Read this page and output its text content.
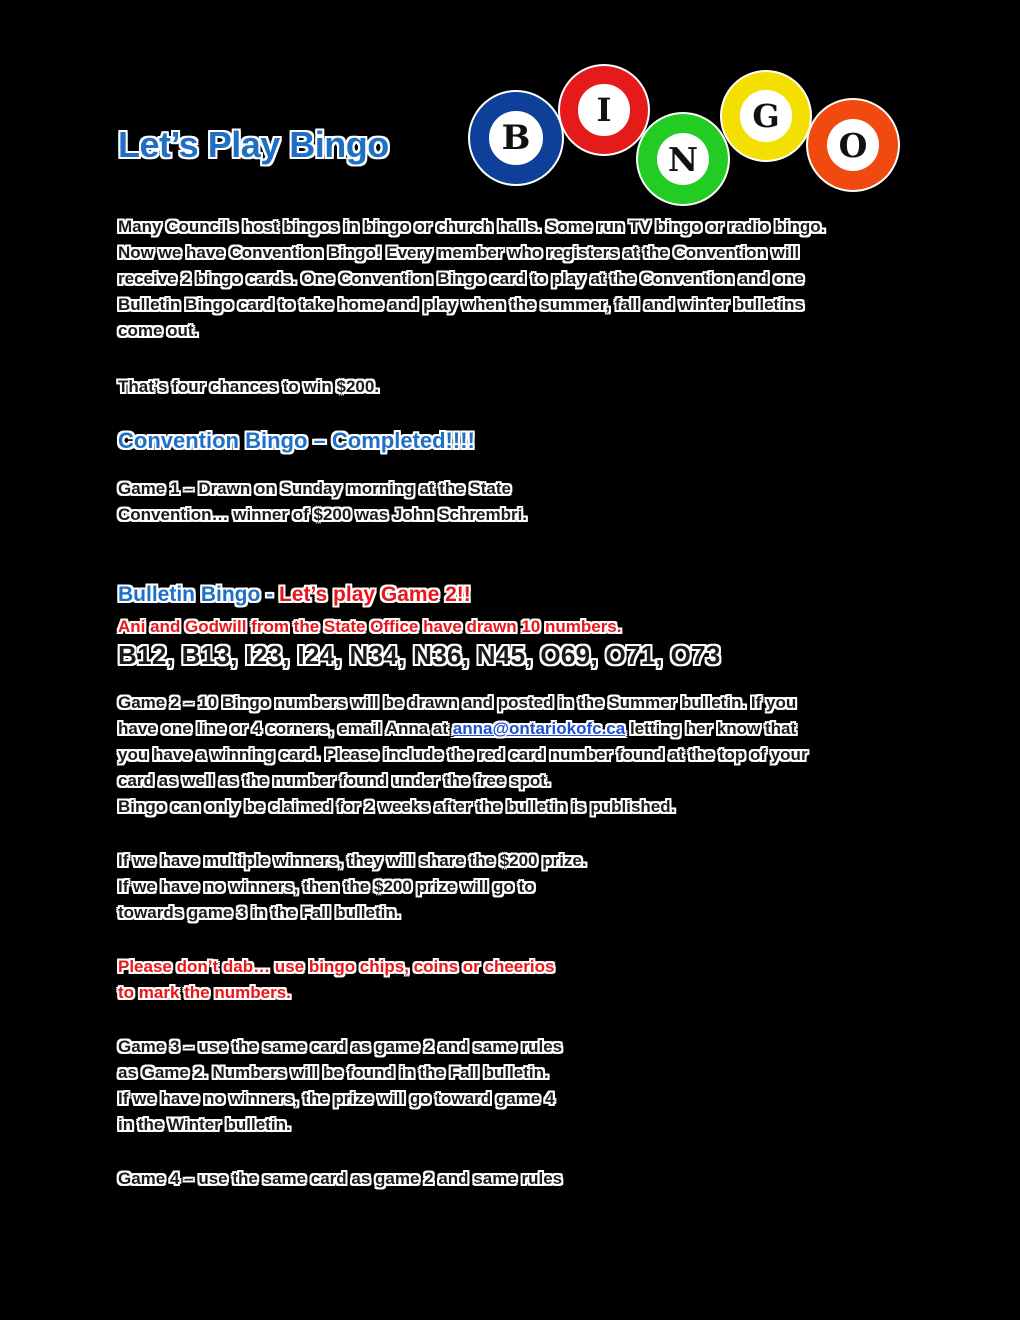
Let’s Play Bingo	B
I
N
G
O
Many Councils host bingos in bingo or church halls. Some run TV bingo or radio bingo.
Now we have Convention Bingo! Every member who registers at the Convention will
receive 2 bingo cards. One Convention Bingo card to play at the Convention and one
Bulletin Bingo card to take home and play when the summer, fall and winter bulletins
come out.
That’s four chances to win $200.
Convention Bingo – Completed!!!!
Game 1 – Drawn on Sunday morning at the State
Convention… winner of $200 was John Schrembri.
Bulletin Bingo - Let’s play Game 2!!
Ani and Godwill from the State Office have drawn 10 numbers.
B12, B13, I23, I24, N34, N36, N45, O69, O71, O73
Game 2 – 10 Bingo numbers will be drawn and posted in the Summer bulletin. If you
have one line or 4 corners, email Anna at anna@ontariokofc.ca letting her know that
you have a winning card. Please include the red card number found at the top of your
card as well as the number found under the free spot.
Bingo can only be claimed for 2 weeks after the bulletin is published.
If we have multiple winners, they will share the $200 prize.
If we have no winners, then the $200 prize will go to
towards game 3 in the Fall bulletin.
Please don’t dab… use bingo chips, coins or cheerios
to mark the numbers.
Game 3 – use the same card as game 2 and same rules
as Game 2. Numbers will be found in the Fall bulletin.
If we have no winners, the prize will go toward game 4
in the Winter bulletin.
Game 4 – use the same card as game 2 and same rules
